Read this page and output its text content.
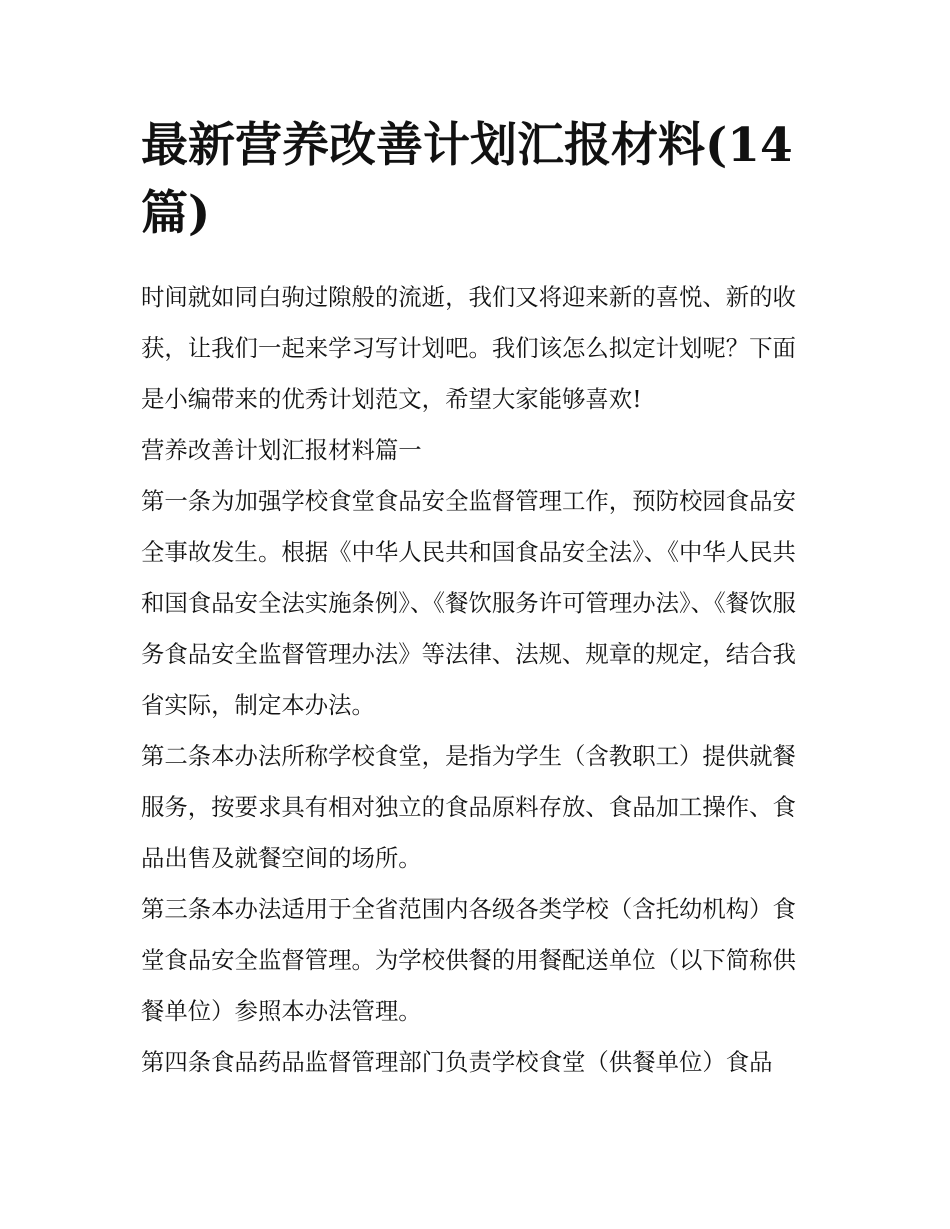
最新营养改善计划汇报材料(14篇)

时间就如同白驹过隙般的流逝，我们又将迎来新的喜悦、新的收获，让我们一起来学习写计划吧。我们该怎么拟定计划呢？下面是小编带来的优秀计划范文，希望大家能够喜欢!

营养改善计划汇报材料篇一

第一条为加强学校食堂食品安全监督管理工作，预防校园食品安全事故发生。根据《中华人民共和国食品安全法》、《中华人民共和国食品安全法实施条例》、《餐饮服务许可管理办法》、《餐饮服务食品安全监督管理办法》等法律、法规、规章的规定，结合我省实际，制定本办法。

第二条本办法所称学校食堂，是指为学生（含教职工）提供就餐服务，按要求具有相对独立的食品原料存放、食品加工操作、食品出售及就餐空间的场所。

第三条本办法适用于全省范围内各级各类学校（含托幼机构）食堂食品安全监督管理。为学校供餐的用餐配送单位（以下简称供餐单位）参照本办法管理。

第四条食品药品监督管理部门负责学校食堂（供餐单位）食品
